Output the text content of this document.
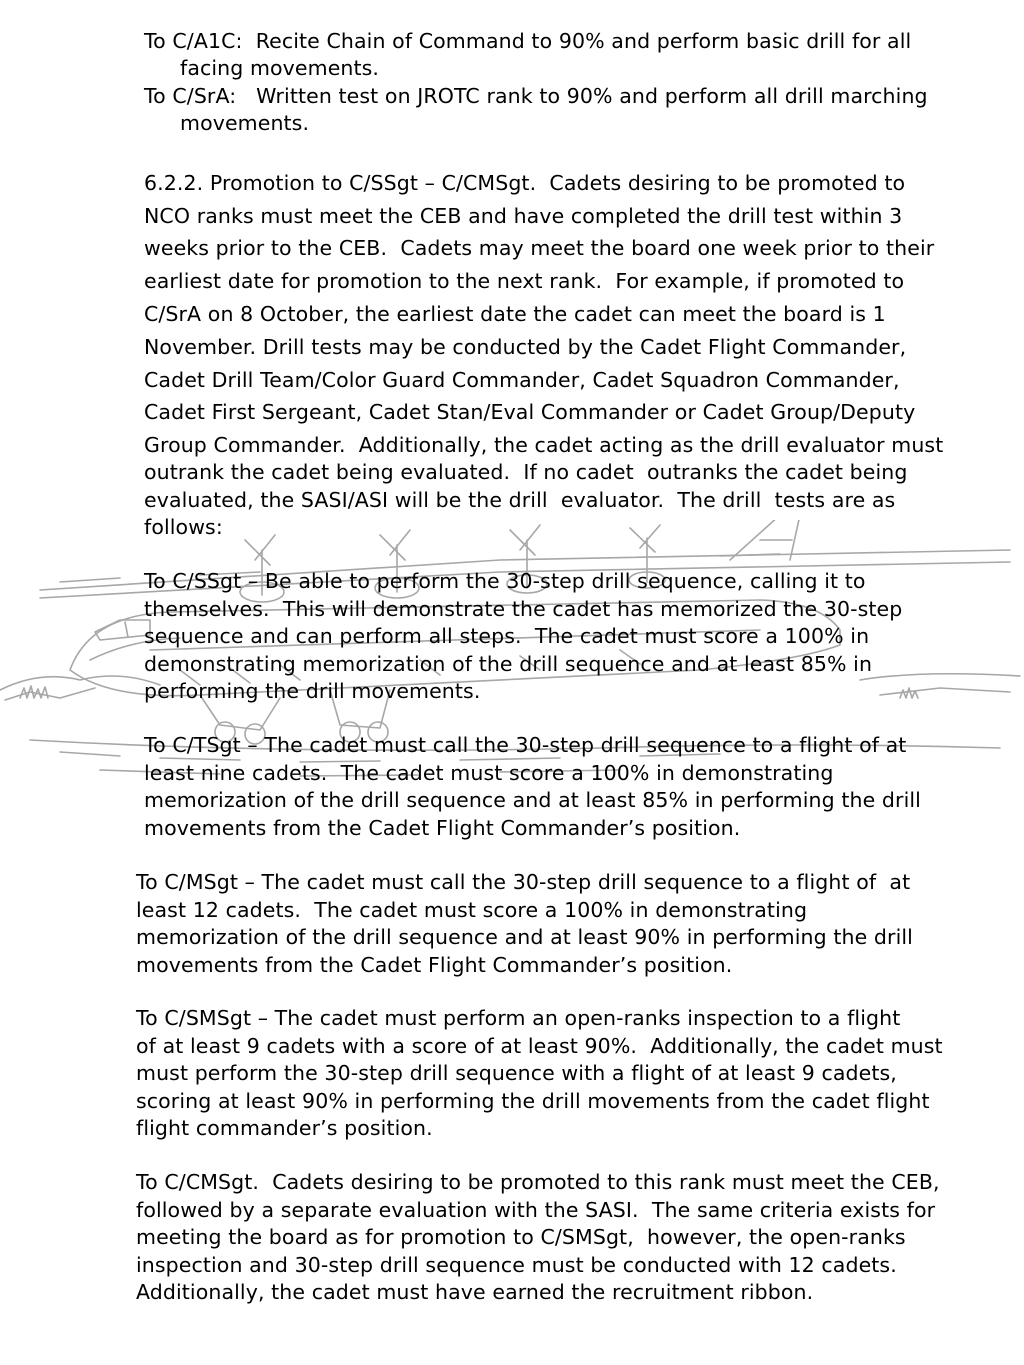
To C/A1C:  Recite Chain of Command to 90% and perform basic drill for all

facing movements.

To C/SrA:   Written test on JROTC rank to 90% and perform all drill marching

movements.

6.2.2. Promotion to C/SSgt – C/CMSgt.  Cadets desiring to be promoted to

NCO ranks must meet the CEB and have completed the drill test within 3

weeks prior to the CEB.  Cadets may meet the board one week prior to their

earliest date for promotion to the next rank.  For example, if promoted to

C/SrA on 8 October, the earliest date the cadet can meet the board is 1

November. Drill tests may be conducted by the Cadet Flight Commander,

Cadet Drill Team/Color Guard Commander, Cadet Squadron Commander,

Cadet First Sergeant, Cadet Stan/Eval Commander or Cadet Group/Deputy

Group Commander.  Additionally, the cadet acting as the drill evaluator must

outrank the cadet being evaluated.  If no cadet  outranks the cadet being

evaluated, the SASI/ASI will be the drill  evaluator.  The drill  tests are as

follows:

To C/SSgt – Be able to perform the 30-step drill sequence, calling it to
themselves.  This will demonstrate the cadet has memorized the 30-step
sequence and can perform all steps.  The cadet must score a 100% in
demonstrating memorization of the drill sequence and at least 85% in
performing the drill movements.

To C/TSgt – The cadet must call the 30-step drill sequence to a flight of at
least nine cadets.  The cadet must score a 100% in demonstrating
memorization of the drill sequence and at least 85% in performing the drill
movements from the Cadet Flight Commander’s position.

To C/MSgt – The cadet must call the 30-step drill sequence to a flight of  at
least 12 cadets.  The cadet must score a 100% in demonstrating
memorization of the drill sequence and at least 90% in performing the drill
movements from the Cadet Flight Commander’s position.

To C/SMSgt – The cadet must perform an open-ranks inspection to a flight
of at least 9 cadets with a score of at least 90%.  Additionally, the cadet must
must perform the 30-step drill sequence with a flight of at least 9 cadets,
scoring at least 90% in performing the drill movements from the cadet flight
flight commander’s position.

To C/CMSgt.  Cadets desiring to be promoted to this rank must meet the CEB,
followed by a separate evaluation with the SASI.  The same criteria exists for
meeting the board as for promotion to C/SMSgt,  however, the open-ranks
inspection and 30-step drill sequence must be conducted with 12 cadets.
Additionally, the cadet must have earned the recruitment ribbon.
